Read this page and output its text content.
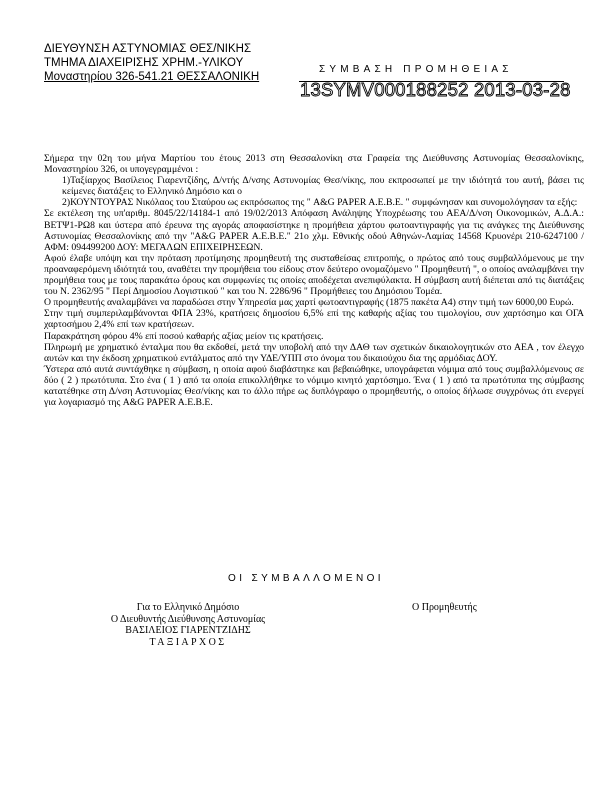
ΔΙΕΥΘΥΝΣΗ ΑΣΤΥΝΟΜΙΑΣ ΘΕΣ/ΝΙΚΗΣ
ΤΜΗΜΑ ΔΙΑΧΕΙΡΙΣΗΣ ΧΡΗΜ.-ΥΛΙΚΟΥ
Μοναστηρίου 326-541.21 ΘΕΣΣΑΛΟΝΙΚΗ
ΣΥΜΒΑΣΗ ΠΡΟΜΗΘΕΙΑΣ
13SYMV000188252 2013-03-28

Σήμερα την 02η του μήνα Μαρτίου του έτους 2013 στη Θεσσαλονίκη στα Γραφεία της Διεύθυνσης Αστυνομίας Θεσσαλονίκης, Μοναστηρίου 326, οι υπογεγραμμένοι :

1)Ταξίαρχος Βασίλειος Γιαρεντζίδης, Δ/ντής Δ/νσης Αστυνομίας Θεσ/νίκης, που εκπροσωπεί με την ιδιότητά του αυτή, βάσει τις κείμενες διατάξεις το Ελληνικό Δημόσιο και ο

2)ΚΟΥΝΤΟΥΡΑΣ Νικόλαος του Σταύρου ως εκπρόσωπος της " A&G PAPER A.E.B.E. " συμφώνησαν και συνομολόγησαν τα εξής:

Σε εκτέλεση της υπ'αριθμ. 8045/22/14184-1 από 19/02/2013 Απόφαση Ανάληψης Υποχρέωσης του ΑΕΑ/Δ/νση Οικονομικών, Α.Δ.Α.: ΒΕΤΨ1-ΡΩ8 και ύστερα από έρευνα της αγοράς αποφασίστηκε η προμήθεια χάρτου φωτοαντιγραφής για τις ανάγκες της Διεύθυνσης Αστυνομίας Θεσσαλονίκης από την "A&G PAPER A.E.B.E." 21ο χλμ. Εθνικής οδού Αθηνών-Λαμίας 14568 Κρυονέρι 210-6247100 / ΑΦΜ: 094499200 ΔΟΥ: ΜΕΓΑΛΩΝ ΕΠΙΧΕΙΡΗΣΕΩΝ.

Αφού έλαβε υπόψη και την πρόταση προτίμησης προμηθευτή της συσταθείσας επιτροπής, ο πρώτος από τους συμβαλλόμενους με την προαναφερόμενη ιδιότητά του, αναθέτει την προμήθεια του είδους στον δεύτερο ονομαζόμενο " Προμηθευτή ", ο οποίος αναλαμβάνει την προμήθεια τους με τους παρακάτω όρους και συμφωνίες τις οποίες αποδέχεται ανεπιφύλακτα. Η σύμβαση αυτή διέπεται από τις διατάξεις του Ν. 2362/95 " Περί Δημοσίου Λογιστικού " και του Ν. 2286/96 " Προμήθειες του Δημόσιου Τομέα.

Ο προμηθευτής αναλαμβάνει να παραδώσει στην Υπηρεσία μας χαρτί φωτοαντιγραφής (1875 πακέτα Α4) στην τιμή των 6000,00 Ευρώ.

Στην τιμή συμπεριλαμβάνονται ΦΠΑ 23%, κρατήσεις δημοσίου 6,5% επί της καθαρής αξίας του τιμολογίου, συν χαρτόσημο και ΟΓΑ χαρτοσήμου 2,4% επί των κρατήσεων.

Παρακράτηση φόρου 4% επί ποσού καθαρής αξίας μείον τις κρατήσεις.

Πληρωμή με χρηματικό ένταλμα που θα εκδοθεί, μετά την υποβολή από την ΔΑΘ των σχετικών δικαιολογητικών στο ΑΕΑ , τον έλεγχο αυτών και την έκδοση χρηματικού εντάλματος από την ΥΔΕ/ΥΠΠ στο όνομα του δικαιούχου δια της αρμόδιας ΔΟΥ.

Ύστερα από αυτά συντάχθηκε η σύμβαση, η οποία αφού διαβάστηκε και βεβαιώθηκε, υπογράφεται νόμιμα από τους συμβαλλόμενους σε δύο ( 2 ) πρωτότυπα. Στο ένα ( 1 ) από τα οποία επικολλήθηκε το νόμιμο κινητό χαρτόσημο. Ένα ( 1 ) από τα πρωτότυπα της σύμβασης κατατέθηκε στη Δ/νση Αστυνομίας Θεσ/νίκης και το άλλο πήρε ως δυπλόγραφο ο προμηθευτής, ο οποίος δήλωσε συγχρόνως ότι ενεργεί για λογαριασμό της A&G PAPER A.E.B.E.

ΟΙ ΣΥΜΒΑΛΛΟΜΕΝΟΙ
Για το Ελληνικό Δημόσιο
Ο Διευθυντής Διεύθυνσης Αστυνομίας
ΒΑΣΙΛΕΙΟΣ ΓΙΑΡΕΝΤΖΙΔΗΣ
ΤΑΞΙΑΡΧΟΣ
Ο Προμηθευτής
